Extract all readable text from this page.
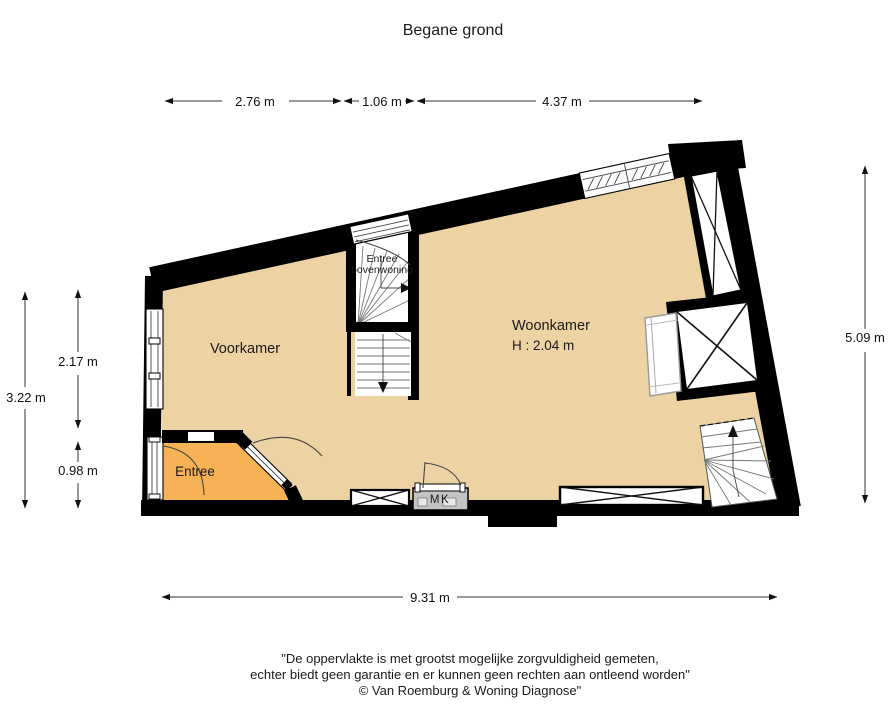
Begane grond
MK
Voorkamer
Woonkamer
H : 2.04 m
Entree
Entree
bovenwoning
2.76 m	1.06 m	4.37 m
3.22 m
2.17 m
0.98 m
5.09 m
9.31 m
"De oppervlakte is met grootst mogelijke zorgvuldigheid gemeten,
echter biedt geen garantie en er kunnen geen rechten aan ontleend worden"
© Van Roemburg & Woning Diagnose"
